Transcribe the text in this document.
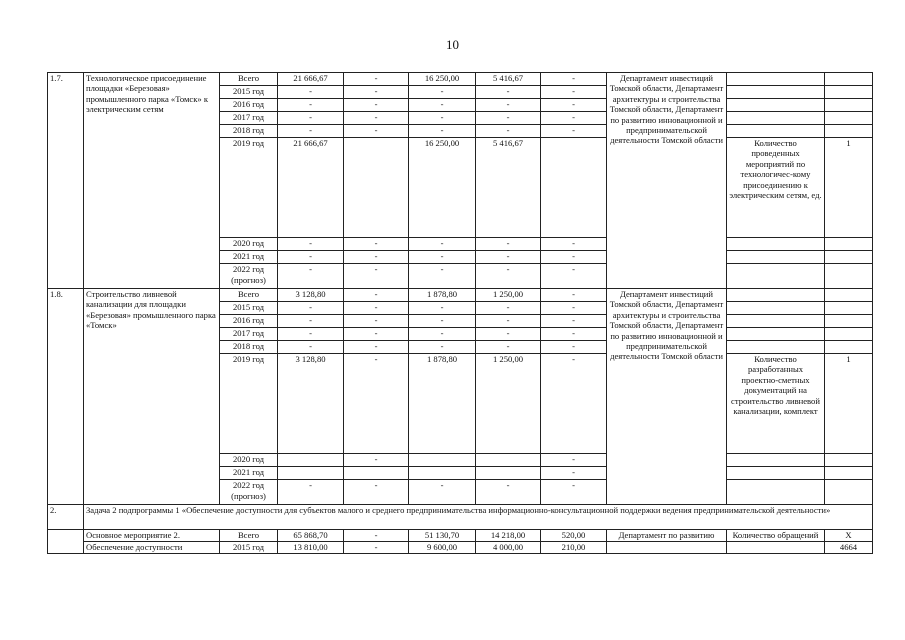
10
1.7.	Технологическое присоединение площадки «Березовая» промышленного парка «Томск» к электрическим сетям	Всего	21 666,67	-	16 250,00	5 416,67	-	Департамент инвестиций Томской области, Департамент архитектуры и строительства Томской области, Департамент по развитию инновационной и предпринимательской деятельности Томской области		
		2015 год	-	-	-	-	-			
		2016 год	-	-	-	-	-			
		2017 год	-	-	-	-	-			
		2018 год	-	-	-	-	-			
		2019 год	21 666,67		16 250,00	5 416,67			Количество проведенных мероприятий по технологичес-кому присоединению к электрическим сетям, ед.	1
		2020 год	-	-	-	-	-			
		2021 год	-	-	-	-	-			
		2022 год (прогноз)	-	-	-	-	-			
1.8.	Строительство ливневой канализации для площадки «Березовая» промышленного парка «Томск»	Всего	3 128,80	-	1 878,80	1 250,00	-	Департамент инвестиций Томской области, Департамент архитектуры и строительства Томской области, Департамент по развитию инновационной и предпринимательской деятельности Томской области		
		2015 год	-	-	-	-	-			
		2016 год	-	-	-	-	-			
		2017 год	-	-	-	-	-			
		2018 год	-	-	-	-	-			
		2019 год	3 128,80	-	1 878,80	1 250,00	-		Количество разработанных проектно-сметных документаций на строительство ливневой канализации, комплект	1
		2020 год		-			-			
		2021 год					-			
		2022 год (прогноз)	-	-	-	-	-			
2.	Задача 2 подпрограммы 1 «Обеспечение доступности для субъектов малого и среднего предпринимательства информационно-консультационной поддержки ведения предпринимательской деятельности»									
	Основное мероприятие 2.	Всего	65 868,70	-	51 130,70	14 218,00	520,00	Департамент по развитию	Количество обращений	X
	Обеспечение доступности	2015 год	13 810,00	-	9 600,00	4 000,00	210,00			4664
